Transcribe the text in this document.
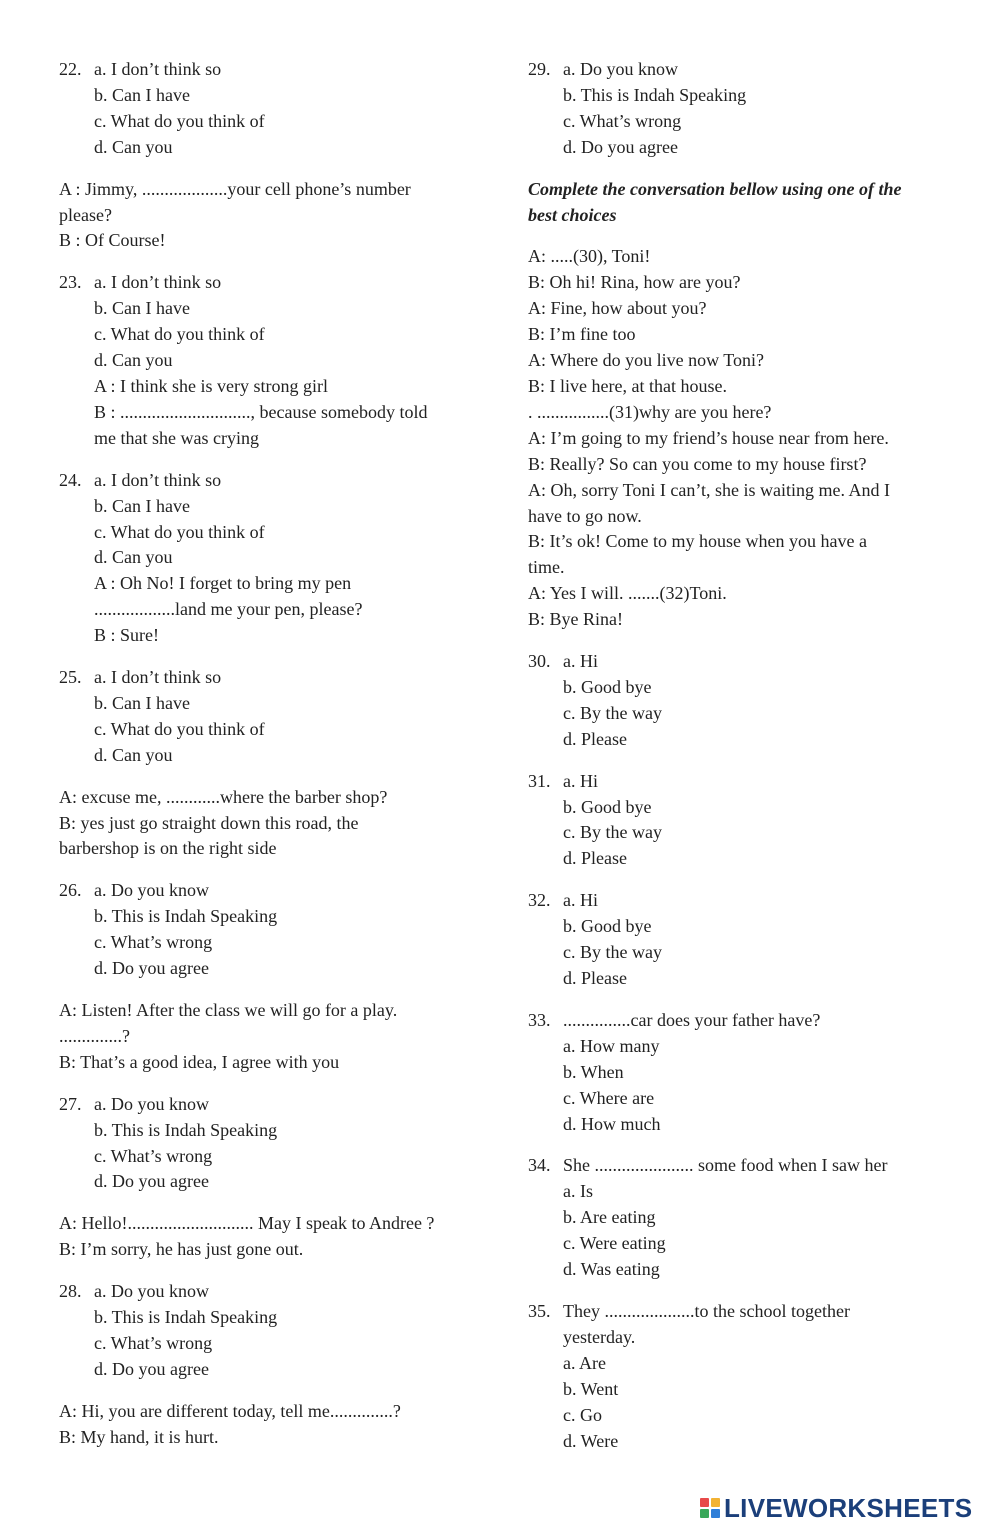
22. a. I don’t think so
b. Can I have
c. What do you think of
d. Can you
A : Jimmy, ...................your cell phone’s number
please?
B : Of Course!
23. a. I don’t think so
b. Can I have
c. What do you think of
d. Can you
A : I think she is very strong girl
B : ............................., because somebody told
me that she was crying
24. a. I don’t think so
b. Can I have
c. What do you think of
d. Can you
A : Oh No! I forget to bring my pen
..................land me your pen, please?
B : Sure!
25. a. I don’t think so
b. Can I have
c. What do you think of
d. Can you
A: excuse me, ............where the barber shop?
B: yes just go straight down this road, the
barbershop is on the right side
26. a. Do you know
b. This is Indah Speaking
c. What’s wrong
d. Do you agree
A: Listen! After the class we will go for a play.
..............?
B: That’s a good idea, I agree with you
27. a. Do you know
b. This is Indah Speaking
c. What’s wrong
d. Do you agree
A: Hello!............................ May I speak to Andree ?
B: I’m sorry, he has just gone out.
28. a. Do you know
b. This is Indah Speaking
c. What’s wrong
d. Do you agree
A: Hi, you are different today, tell me..............?
B: My hand, it is hurt.
29. a. Do you know
b. This is Indah Speaking
c. What’s wrong
d. Do you agree
Complete the conversation bellow using one of the
best choices
A: .....(30), Toni!
B: Oh hi! Rina, how are you?
A: Fine, how about you?
B: I’m fine too
A: Where do you live now Toni?
B: I live here, at that house.
. ................(31)why are you here?
A: I’m going to my friend’s house near from here.
B: Really? So can you come to my house first?
A: Oh, sorry Toni I can’t, she is waiting me. And I
have to go now.
B: It’s ok! Come to my house when you have a
time.
A: Yes I will. .......(32)Toni.
B: Bye Rina!
30. a. Hi
b. Good bye
c. By the way
d. Please
31. a. Hi
b. Good bye
c. By the way
d. Please
32. a. Hi
b. Good bye
c. By the way
d. Please
33. ...............car does your father have?
a. How many
b. When
c. Where are
d. How much
34. She ...................... some food when I saw her
a. Is
b. Are eating
c. Were eating
d. Was eating
35. They ....................to the school together
yesterday.
a. Are
b. Went
c. Go
d. Were
LIVEWORKSHEETS
